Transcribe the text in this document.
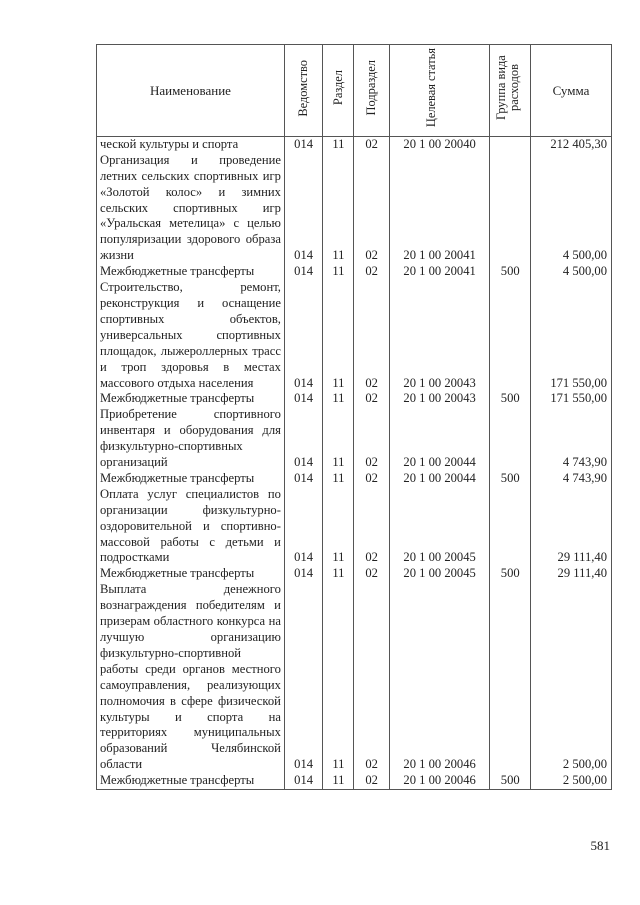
Наименование	Ведомство	Раздел	Подраздел	Целевая статья	Группа вида расходов	Сумма
ческой культуры и спорта	014	11	02	20 1 00 20040		212 405,30
Организация и проведение летних сельских спортивных игр «Золотой колос» и зимних сельских спортивных игр «Уральская метелица» с целью популяризации здорового образа жизни	014	11	02	20 1 00 20041		4 500,00
Межбюджетные трансферты	014	11	02	20 1 00 20041	500	4 500,00
Строительство, ремонт, реконструкция и оснащение спортивных объектов, универсальных спортивных площадок, лыжероллерных трасс и троп здоровья в местах массового отдыха населения	014	11	02	20 1 00 20043		171 550,00
Межбюджетные трансферты	014	11	02	20 1 00 20043	500	171 550,00
Приобретение спортивного инвентаря и оборудования для физкультурно-спортивных организаций	014	11	02	20 1 00 20044		4 743,90
Межбюджетные трансферты	014	11	02	20 1 00 20044	500	4 743,90
Оплата услуг специалистов по организации физкультурно-оздоровительной и спортивно-массовой работы с детьми и подростками	014	11	02	20 1 00 20045		29 111,40
Межбюджетные трансферты	014	11	02	20 1 00 20045	500	29 111,40
Выплата денежного вознаграждения победителям и призерам областного конкурса на лучшую организацию физкультурно-спортивной работы среди органов местного самоуправления, реализующих полномочия в сфере физической культуры и спорта на территориях муниципальных образований Челябинской области	014	11	02	20 1 00 20046		2 500,00
Межбюджетные трансферты	014	11	02	20 1 00 20046	500	2 500,00
581
